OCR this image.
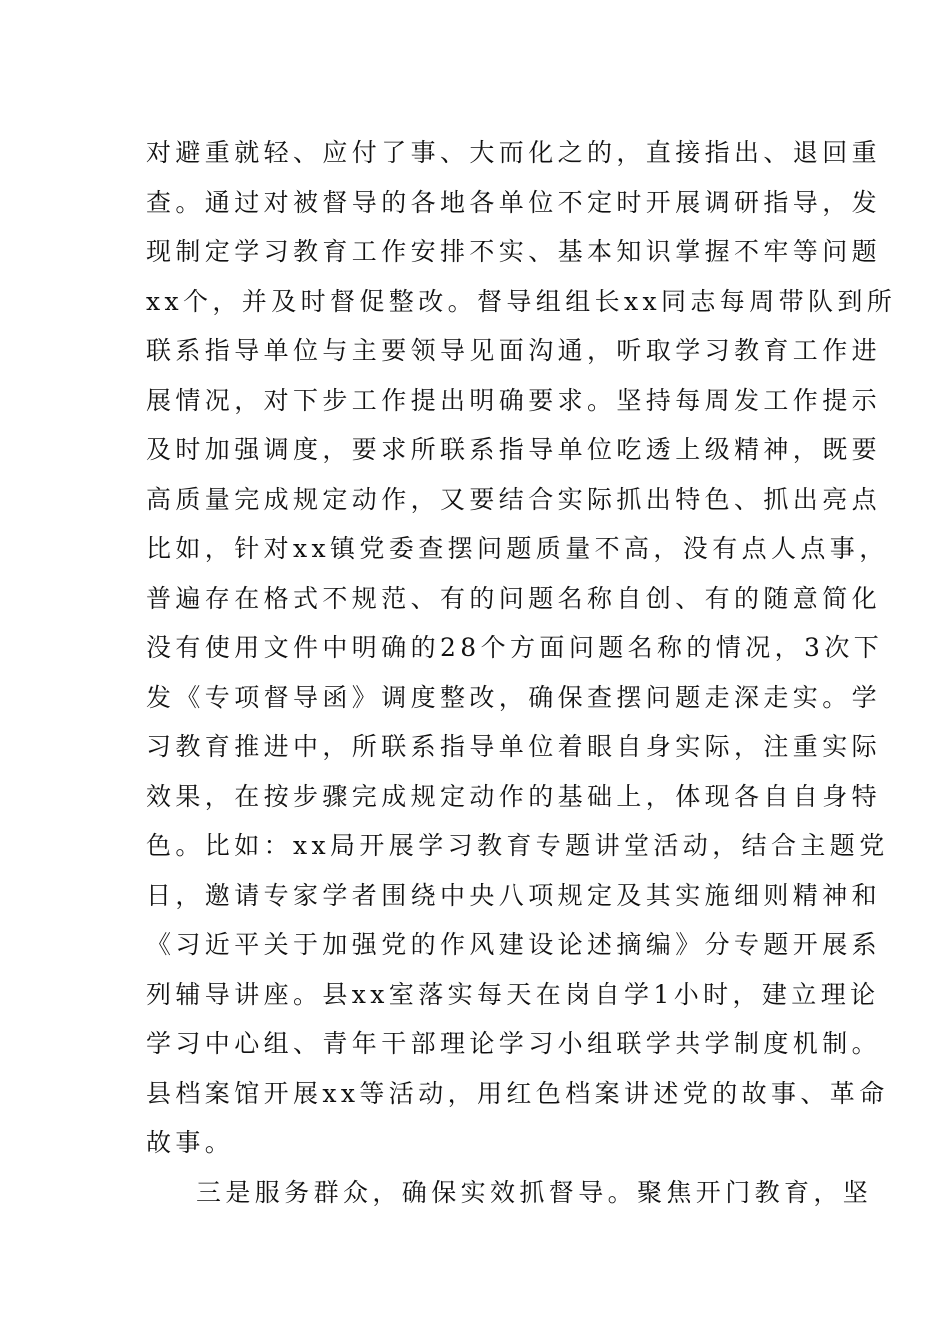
对避重就轻、应付了事、大而化之的，直接指出、退回重
查。通过对被督导的各地各单位不定时开展调研指导，发
现制定学习教育工作安排不实、基本知识掌握不牢等问题
xx个，并及时督促整改。督导组组长xx同志每周带队到所
联系指导单位与主要领导见面沟通，听取学习教育工作进
展情况，对下步工作提出明确要求。坚持每周发工作提示
及时加强调度，要求所联系指导单位吃透上级精神，既要
高质量完成规定动作，又要结合实际抓出特色、抓出亮点
比如，针对xx镇党委查摆问题质量不高，没有点人点事，
普遍存在格式不规范、有的问题名称自创、有的随意简化
没有使用文件中明确的28个方面问题名称的情况，3次下
发《专项督导函》调度整改，确保查摆问题走深走实。学
习教育推进中，所联系指导单位着眼自身实际，注重实际
效果，在按步骤完成规定动作的基础上，体现各自自身特
色。比如：xx局开展学习教育专题讲堂活动，结合主题党
日，邀请专家学者围绕中央八项规定及其实施细则精神和
《习近平关于加强党的作风建设论述摘编》分专题开展系
列辅导讲座。县xx室落实每天在岗自学1小时，建立理论
学习中心组、青年干部理论学习小组联学共学制度机制。
县档案馆开展xx等活动，用红色档案讲述党的故事、革命
故事。
三是服务群众，确保实效抓督导。聚焦开门教育，坚
